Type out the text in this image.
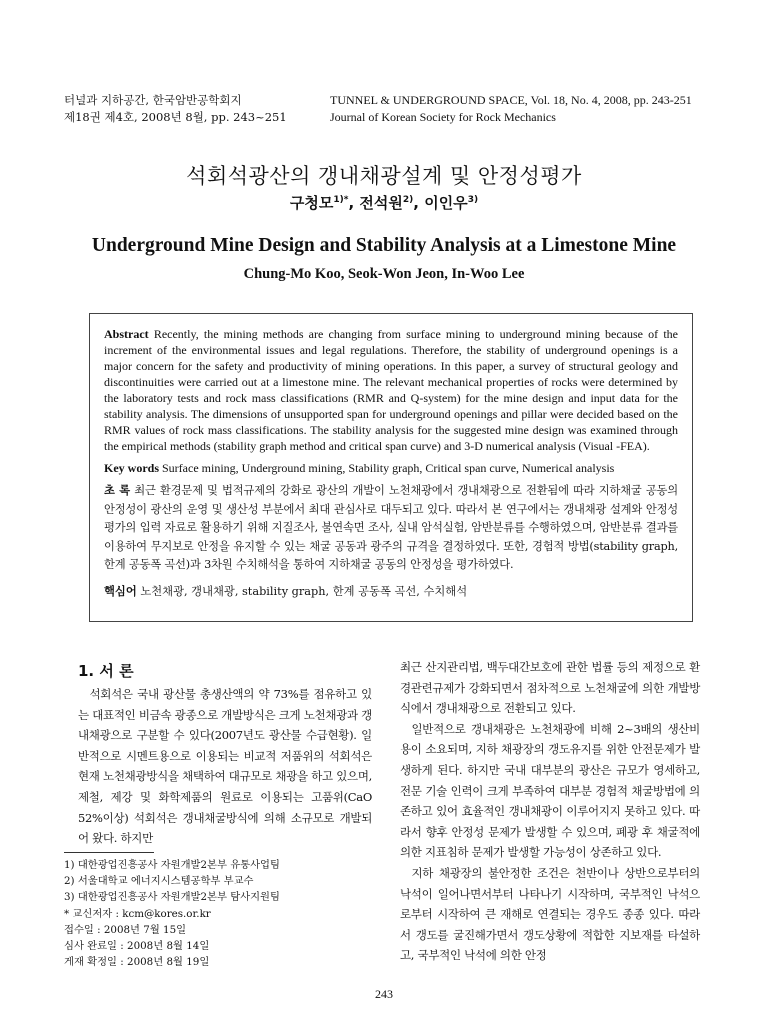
터널과 지하공간, 한국암반공학회지
제18권 제4호, 2008년 8월, pp. 243~251
TUNNEL & UNDERGROUND SPACE, Vol. 18, No. 4, 2008, pp. 243-251
Journal of Korean Society for Rock Mechanics
석회석광산의 갱내채광설계 및 안정성평가
구청모$^{1)*}$, 전석원$^{2)}$, 이인우$^{3)}$
Underground Mine Design and Stability Analysis at a Limestone Mine
Chung-Mo Koo, Seok-Won Jeon, In-Woo Lee

Abstract Recently, the mining methods are changing from surface mining to underground mining because of the increment of the environmental issues and legal regulations. Therefore, the stability of underground openings is a major concern for the safety and productivity of mining operations. In this paper, a survey of structural geology and discontinuities were carried out at a limestone mine. The relevant mechanical properties of rocks were determined by the laboratory tests and rock mass classifications (RMR and Q-system) for the mine design and input data for the stability analysis. The dimensions of unsupported span for underground openings and pillar were decided based on the RMR values of rock mass classifications. The stability analysis for the suggested mine design was examined through the empirical methods (stability graph method and critical span curve) and 3-D numerical analysis (Visual -FEA).

Key words Surface mining, Underground mining, Stability graph, Critical span curve, Numerical analysis

초 록 최근 환경문제 및 법적규제의 강화로 광산의 개발이 노천채광에서 갱내채광으로 전환됨에 따라 지하채굴 공동의 안정성이 광산의 운영 및 생산성 부분에서 최대 관심사로 대두되고 있다. 따라서 본 연구에서는 갱내채광 설계와 안정성 평가의 입력 자료로 활용하기 위해 지질조사, 불연속면 조사, 실내 암석실험, 암반분류를 수행하였으며, 암반분류 결과를 이용하여 무지보로 안정을 유지할 수 있는 채굴 공동과 광주의 규격을 결정하였다. 또한, 경험적 방법(stability graph, 한계 공동폭 곡선)과 3차원 수치해석을 통하여 지하채굴 공동의 안정성을 평가하였다.

핵심어 노천채광, 갱내채광, stability graph, 한계 공동폭 곡선, 수치해석

1. 서 론

석회석은 국내 광산물 총생산액의 약 73%를 점유하고 있는 대표적인 비금속 광종으로 개발방식은 크게 노천채광과 갱내채광으로 구분할 수 있다(2007년도 광산물 수급현황). 일반적으로 시멘트용으로 이용되는 비교적 저품위의 석회석은 현재 노천채광방식을 채택하여 대규모로 채광을 하고 있으며, 제철, 제강 및 화학제품의 원료로 이용되는 고품위(CaO 52%이상) 석회석은 갱내채굴방식에 의해 소규모로 개발되어 왔다. 하지만

최근 산지관리법, 백두대간보호에 관한 법률 등의 제정으로 환경관련규제가 강화되면서 점차적으로 노천채굴에 의한 개발방식에서 갱내채광으로 전환되고 있다.

일반적으로 갱내채광은 노천채광에 비해 2~3배의 생산비용이 소요되며, 지하 채광장의 갱도유지를 위한 안전문제가 발생하게 된다. 하지만 국내 대부분의 광산은 규모가 영세하고, 전문 기술 인력이 크게 부족하여 대부분 경험적 채굴방법에 의존하고 있어 효율적인 갱내채광이 이루어지지 못하고 있다. 따라서 향후 안정성 문제가 발생할 수 있으며, 폐광 후 채굴적에 의한 지표침하 문제가 발생할 가능성이 상존하고 있다.

지하 채광장의 불안정한 조건은 천반이나 상반으로부터의 낙석이 일어나면서부터 나타나기 시작하며, 국부적인 낙석으로부터 시작하여 큰 재해로 연결되는 경우도 종종 있다. 따라서 갱도를 굴진해가면서 갱도상황에 적합한 지보재를 타설하고, 국부적인 낙석에 의한 안정

1) 대한광업진흥공사 자원개발2본부 유통사업팀
2) 서울대학교 에너지시스템공학부 부교수
3) 대한광업진흥공사 자원개발2본부 탐사지원팀
* 교신저자 : kcm@kores.or.kr
접수일 : 2008년 7월 15일
심사 완료일 : 2008년 8월 14일
게재 확정일 : 2008년 8월 19일
243
